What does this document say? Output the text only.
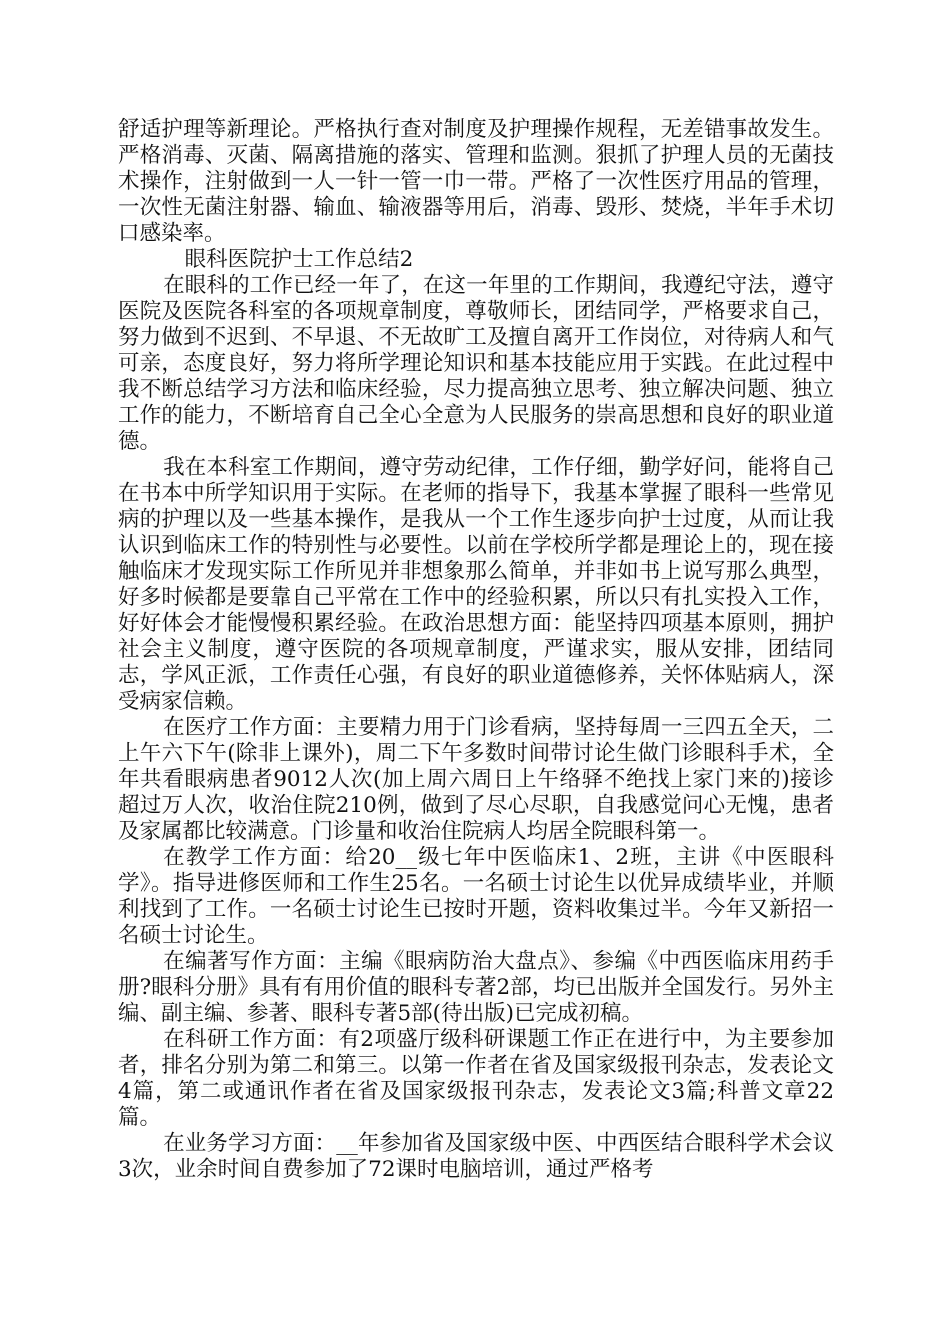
舒适护理等新理论。严格执行查对制度及护理操作规程，无差错事故发生。严格消毒、灭菌、隔离措施的落实、管理和监测。狠抓了护理人员的无菌技术操作，注射做到一人一针一管一巾一带。严格了一次性医疗用品的管理，一次性无菌注射器、输血、输液器等用后，消毒、毁形、焚烧，半年手术切口感染率。

眼科医院护士工作总结2

在眼科的工作已经一年了，在这一年里的工作期间，我遵纪守法，遵守医院及医院各科室的各项规章制度，尊敬师长，团结同学，严格要求自己，努力做到不迟到、不早退、不无故旷工及擅自离开工作岗位，对待病人和气可亲，态度良好，努力将所学理论知识和基本技能应用于实践。在此过程中我不断总结学习方法和临床经验，尽力提高独立思考、独立解决问题、独立工作的能力，不断培育自己全心全意为人民服务的崇高思想和良好的职业道德。

我在本科室工作期间，遵守劳动纪律，工作仔细，勤学好问，能将自己在书本中所学知识用于实际。在老师的指导下，我基本掌握了眼科一些常见病的护理以及一些基本操作，是我从一个工作生逐步向护士过度，从而让我认识到临床工作的特别性与必要性。以前在学校所学都是理论上的，现在接触临床才发现实际工作所见并非想象那么简单，并非如书上说写那么典型，好多时候都是要靠自己平常在工作中的经验积累，所以只有扎实投入工作，好好体会才能慢慢积累经验。在政治思想方面：能坚持四项基本原则，拥护社会主义制度，遵守医院的各项规章制度，严谨求实，服从安排，团结同志，学风正派，工作责任心强，有良好的职业道德修养，关怀体贴病人，深受病家信赖。

在医疗工作方面：主要精力用于门诊看病，坚持每周一三四五全天，二上午六下午(除非上课外)，周二下午多数时间带讨论生做门诊眼科手术，全年共看眼病患者9012人次(加上周六周日上午络驿不绝找上家门来的)接诊超过万人次，收治住院210例，做到了尽心尽职，自我感觉问心无愧，患者及家属都比较满意。门诊量和收治住院病人均居全院眼科第一。

在教学工作方面：给20__级七年中医临床1、2班，主讲《中医眼科学》。指导进修医师和工作生25名。一名硕士讨论生以优异成绩毕业，并顺利找到了工作。一名硕士讨论生已按时开题，资料收集过半。今年又新招一名硕士讨论生。

在编著写作方面：主编《眼病防治大盘点》、参编《中西医临床用药手册?眼科分册》具有有用价值的眼科专著2部，均已出版并全国发行。另外主编、副主编、参著、眼科专著5部(待出版)已完成初稿。

在科研工作方面：有2项盛厅级科研课题工作正在进行中，为主要参加者，排名分别为第二和第三。以第一作者在省及国家级报刊杂志，发表论文4篇，第二或通讯作者在省及国家级报刊杂志，发表论文3篇;科普文章22篇。

在业务学习方面：__年参加省及国家级中医、中西医结合眼科学术会议3次，业余时间自费参加了72课时电脑培训，通过严格考
